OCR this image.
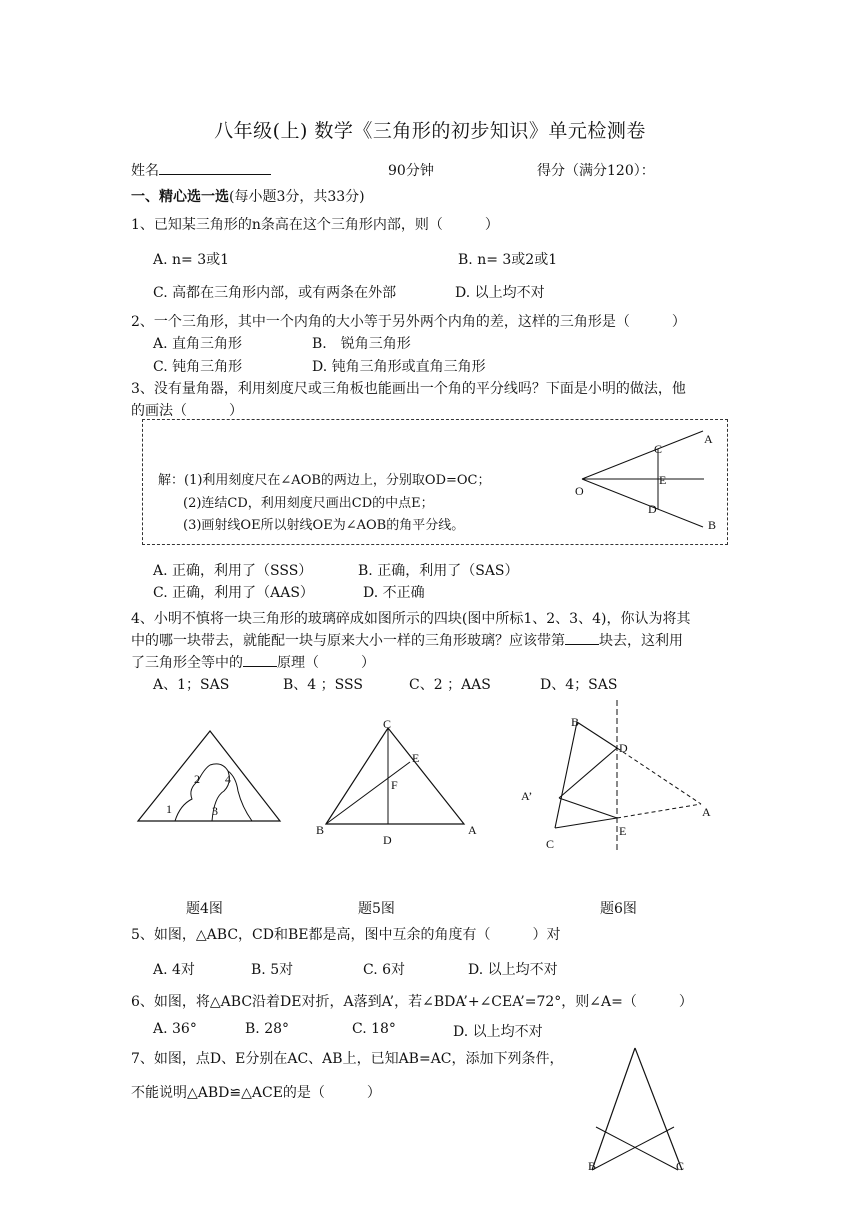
八年级(上) 数学《三角形的初步知识》单元检测卷
姓名	90分钟	得分（满分120）：
一、精心选一选(每小题3分，共33分)
1、已知某三角形的n条高在这个三角形内部，则（　　　）
A. n= 3或1	B. n= 3或2或1
C. 高都在三角形内部，或有两条在外部	D. 以上均不对
2、一个三角形，其中一个内角的大小等于另外两个内角的差，这样的三角形是（　　　）
A. 直角三角形	B.　锐角三角形
C. 钝角三角形	D. 钝角三角形或直角三角形
3、没有量角器，利用刻度尺或三角板也能画出一个角的平分线吗？下面是小明的做法，他
的画法（　　　）
解：(1)利用刻度尺在∠AOB的两边上，分别取OD=OC；
(2)连结CD，利用刻度尺画出CD的中点E；
(3)画射线OE所以射线OE为∠AOB的角平分线。
A
B
C
D
E
O
A. 正确，利用了（SSS）	B. 正确，利用了（SAS）
C. 正确，利用了（AAS）	D. 不正确
4、小明不慎将一块三角形的玻璃碎成如图所示的四块(图中所标1、2、3、4)，你认为将其
中的哪一块带去，就能配一块与原来大小一样的三角形玻璃？应该带第 块去，这利用
了三角形全等中的 原理（　　　）
A、1；SAS	B、4 ；SSS	C、2 ；AAS	D、4；SAS
1
2
3
4
C
E
F
B
D
A
B
D
A’
A
C
E
题4图	题5图	题6图
5、如图，△ABC，CD和BE都是高，图中互余的角度有（　　　）对
A. 4对	B. 5对	C. 6对	D. 以上均不对
6、如图，将△ABC沿着DE对折，A落到A’，若∠BDA’+∠CEA’=72°，则∠A=（　　　）
A. 36°	B. 28°	C. 18°	D. 以上均不对
7、如图，点D、E分别在AC、AB上，已知AB=AC，添加下列条件，
不能说明△ABD≌△ACE的是（　　　）
B	C
